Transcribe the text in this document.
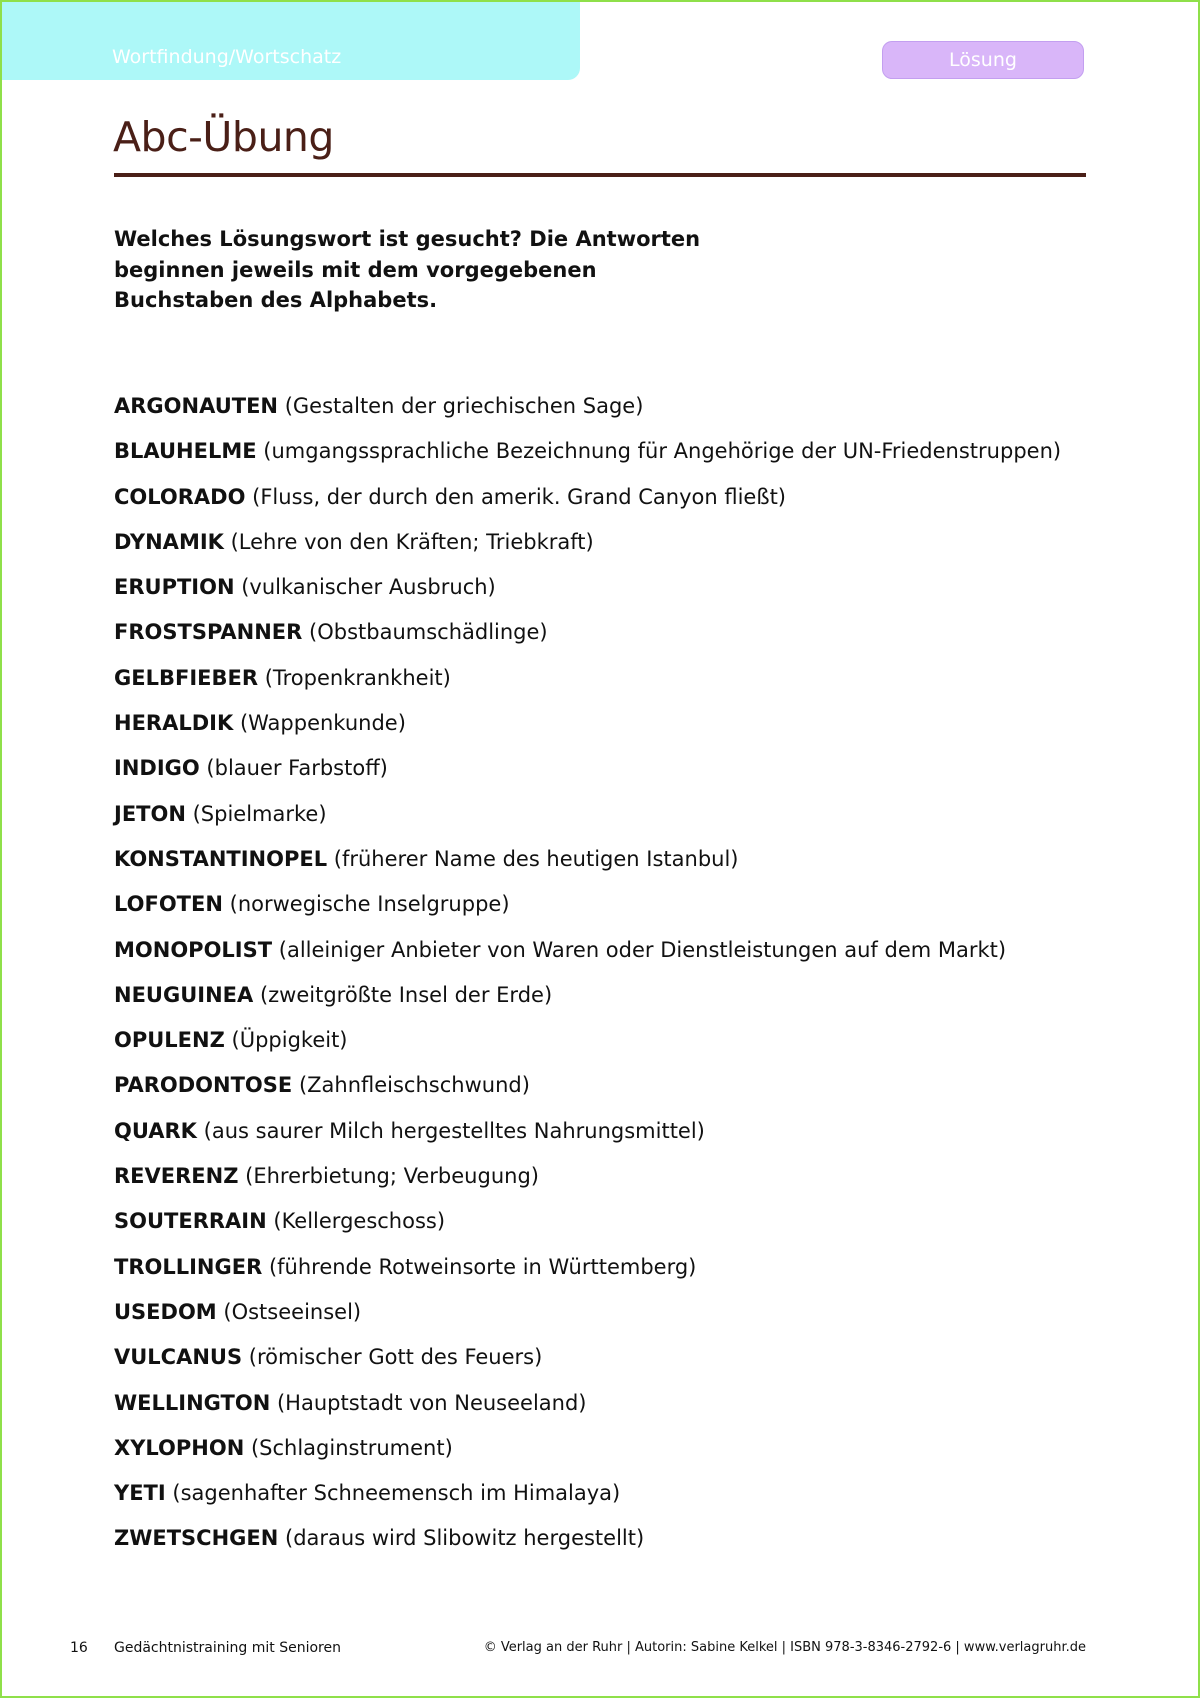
Wortfindung/Wortschatz	Lösung
Abc-Übung

Welches Lösungswort ist gesucht? Die Antworten beginnen jeweils mit dem vorgegebenen Buchstaben des Alphabets.

ARGONAUTEN (Gestalten der griechischen Sage)
BLAUHELME (umgangssprachliche Bezeichnung für Angehörige der UN-Friedenstruppen)
COLORADO (Fluss, der durch den amerik. Grand Canyon fließt)
DYNAMIK (Lehre von den Kräften; Triebkraft)
ERUPTION (vulkanischer Ausbruch)
FROSTSPANNER (Obstbaumschädlinge)
GELBFIEBER (Tropenkrankheit)
HERALDIK (Wappenkunde)
INDIGO (blauer Farbstoff)
JETON (Spielmarke)
KONSTANTINOPEL (früherer Name des heutigen Istanbul)
LOFOTEN (norwegische Inselgruppe)
MONOPOLIST (alleiniger Anbieter von Waren oder Dienstleistungen auf dem Markt)
NEUGUINEA (zweitgrößte Insel der Erde)
OPULENZ (Üppigkeit)
PARODONTOSE (Zahnfleischschwund)
QUARK (aus saurer Milch hergestelltes Nahrungsmittel)
REVERENZ (Ehrerbietung; Verbeugung)
SOUTERRAIN (Kellergeschoss)
TROLLINGER (führende Rotweinsorte in Württemberg)
USEDOM (Ostseeinsel)
VULCANUS (römischer Gott des Feuers)
WELLINGTON (Hauptstadt von Neuseeland)
XYLOPHON (Schlaginstrument)
YETI (sagenhafter Schneemensch im Himalaya)
ZWETSCHGEN (daraus wird Slibowitz hergestellt)
16 Gedächtnistraining mit Senioren	© Verlag an der Ruhr | Autorin: Sabine Kelkel | ISBN 978-3-8346-2792-6 | www.verlagruhr.de
